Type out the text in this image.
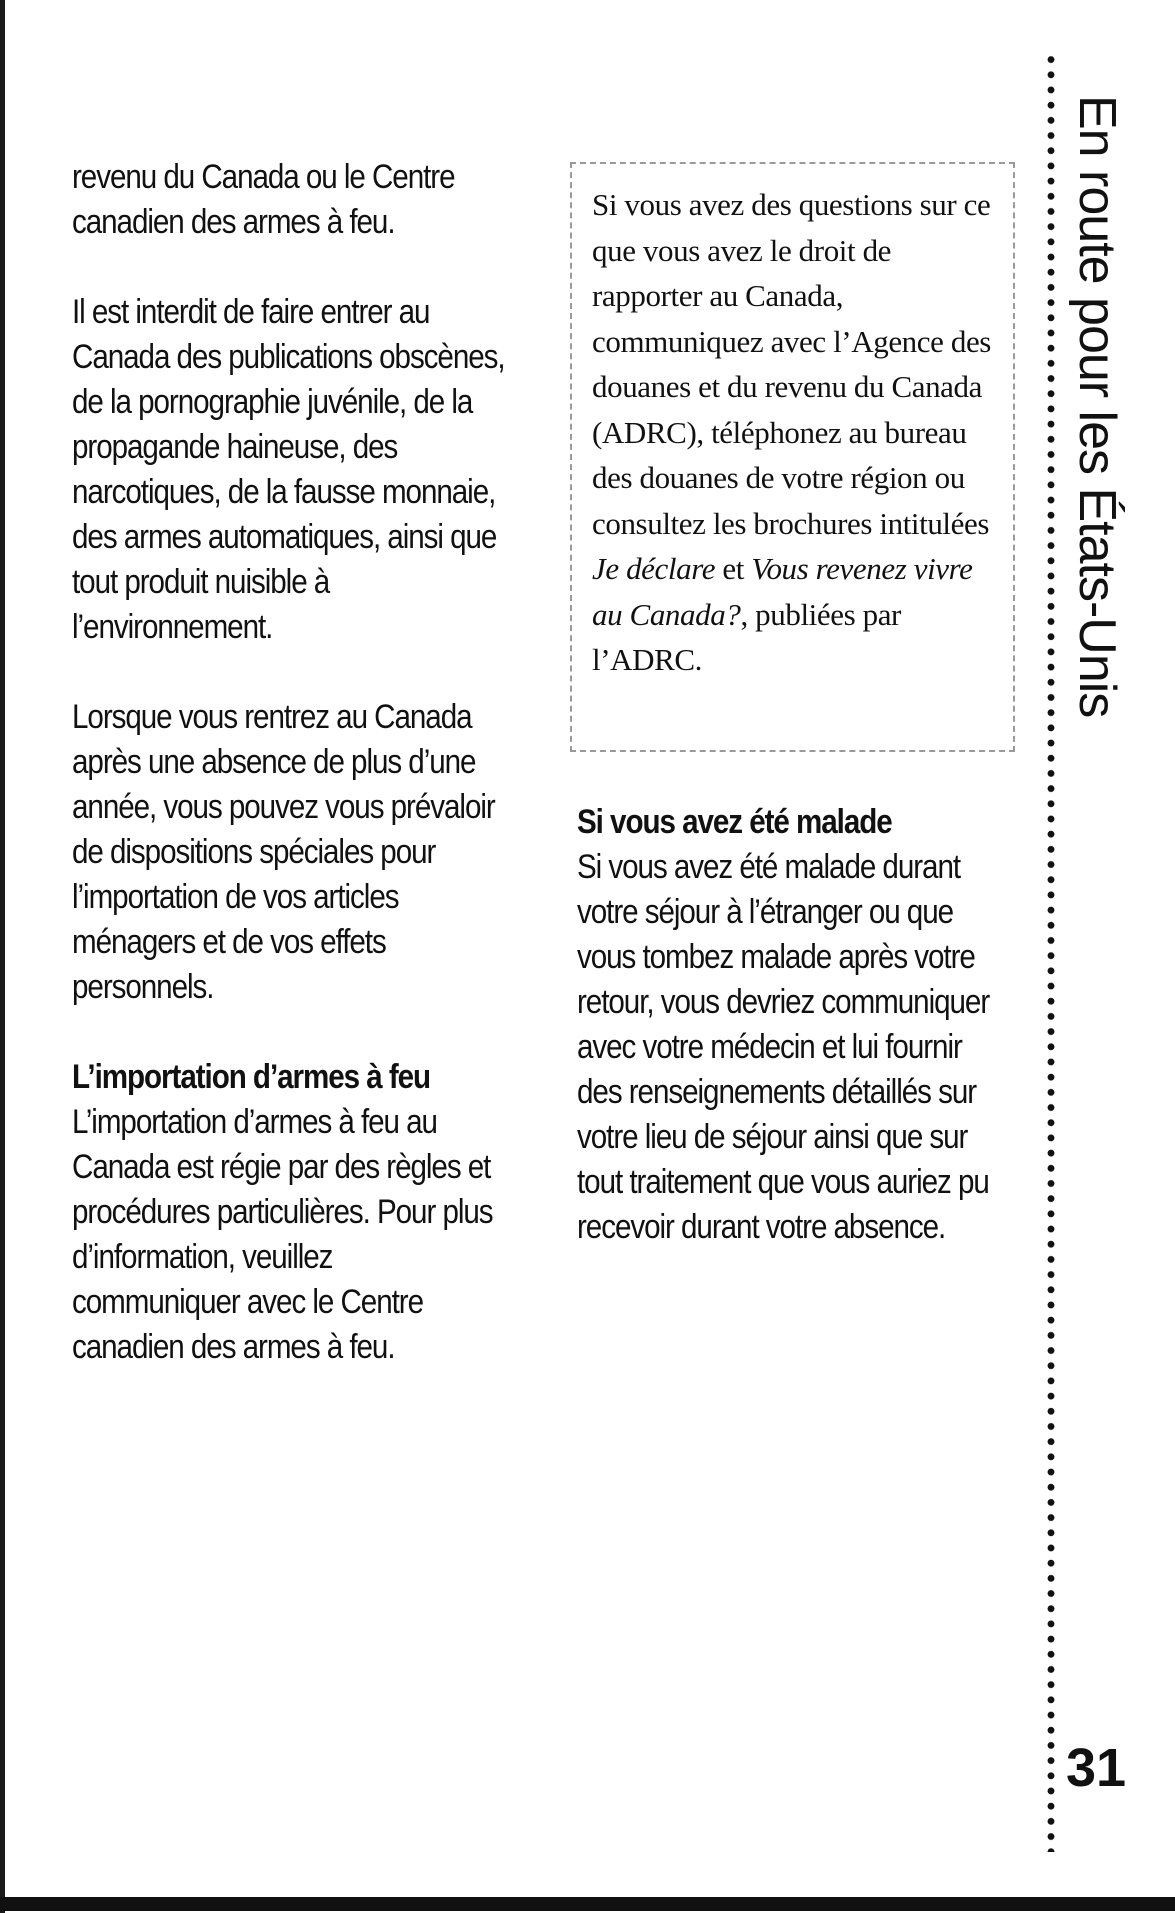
revenu du Canada ou le Centre canadien des armes à feu.

Il est interdit de faire entrer au Canada des publications obscènes, de la pornographie juvénile, de la propagande haineuse, des narcotiques, de la fausse monnaie, des armes automatiques, ainsi que tout produit nuisible à l’environnement.

Lorsque vous rentrez au Canada après une absence de plus d’une année, vous pouvez vous prévaloir de dispositions spéciales pour l’importation de vos articles ménagers et de vos effets personnels.

L’importation d’armes à feu

L’importation d’armes à feu au Canada est régie par des règles et procédures particulières. Pour plus d’information, veuillez communiquer avec le Centre canadien des armes à feu.

Si vous avez des questions sur ce que vous avez le droit de rapporter au Canada, communiquez avec l’Agence des douanes et du revenu du Canada (ADRC), téléphonez au bureau des douanes de votre région ou consultez les brochures intitulées Je déclare et Vous revenez vivre au Canada?, publiées par l’ADRC.
Si vous avez été malade

Si vous avez été malade durant votre séjour à l’étranger ou que vous tombez malade après votre retour, vous devriez communiquer avec votre médecin et lui fournir des renseignements détaillés sur votre lieu de séjour ainsi que sur tout traitement que vous auriez pu recevoir durant votre absence.

En route pour les États-Unis
31
